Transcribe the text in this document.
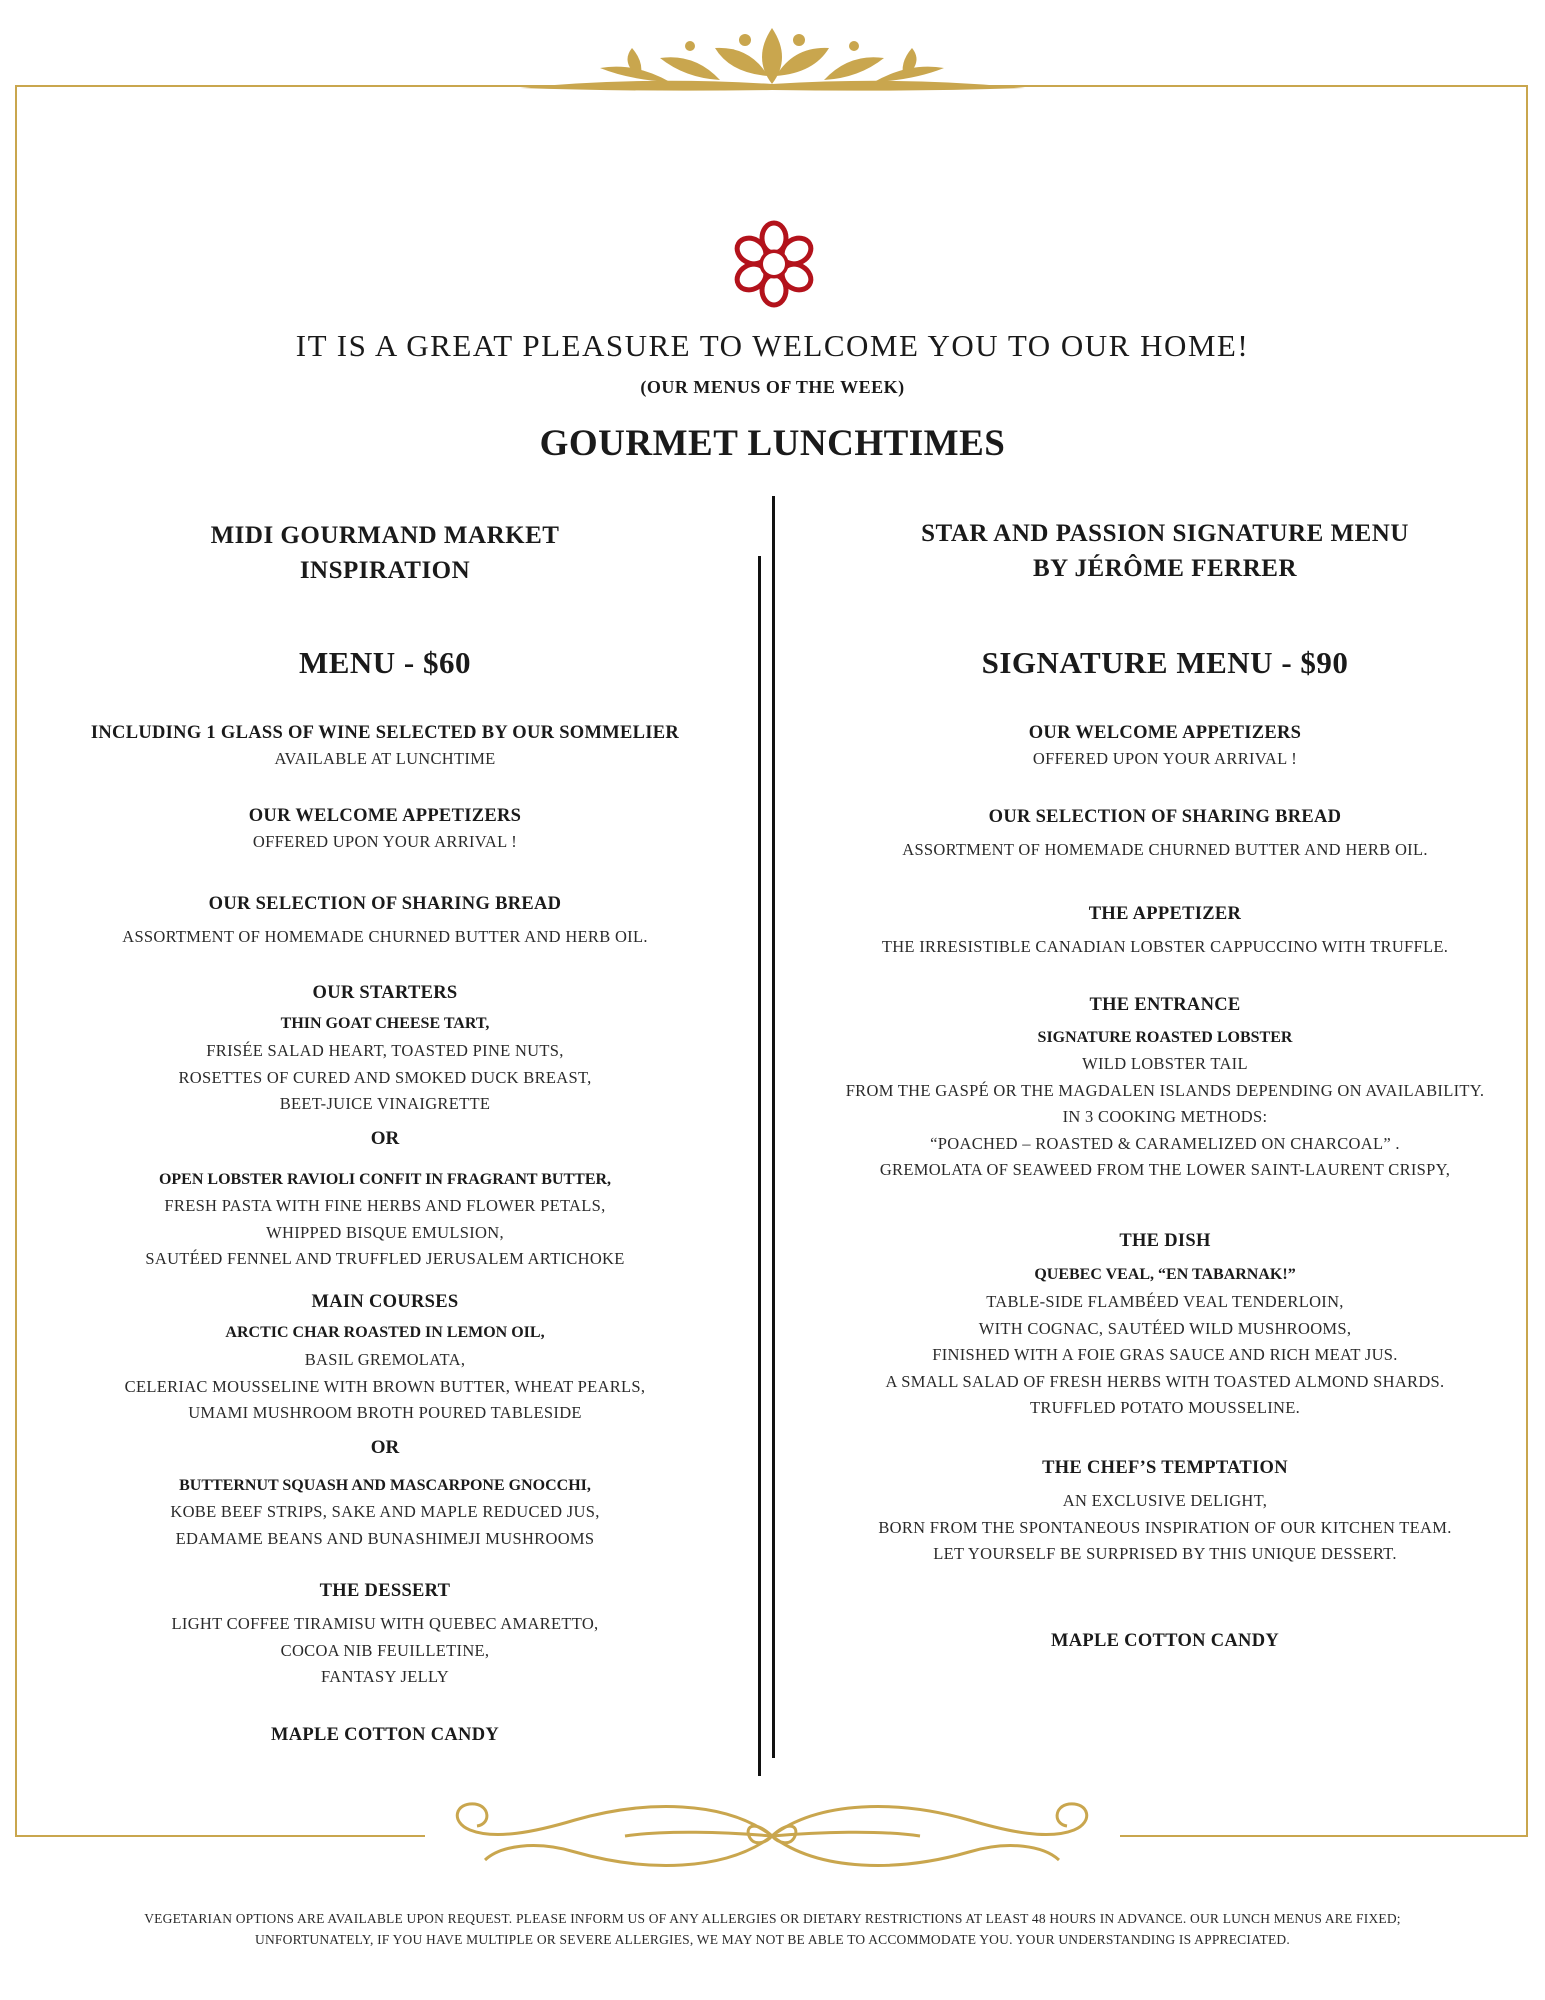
IT IS A GREAT PLEASURE TO WELCOME YOU TO OUR HOME!
(OUR MENUS OF THE WEEK)
GOURMET LUNCHTIMES
MIDI GOURMAND MARKET
INSPIRATION
MENU - $60
INCLUDING 1 GLASS OF WINE SELECTED BY OUR SOMMELIER
AVAILABLE AT LUNCHTIME
OUR WELCOME APPETIZERS
OFFERED UPON YOUR ARRIVAL !
OUR SELECTION OF SHARING BREAD
ASSORTMENT OF HOMEMADE CHURNED BUTTER AND HERB OIL.
OUR STARTERS
THIN GOAT CHEESE TART,
FRISÉE SALAD HEART, TOASTED PINE NUTS,
ROSETTES OF CURED AND SMOKED DUCK BREAST,
BEET-JUICE VINAIGRETTE
OR
OPEN LOBSTER RAVIOLI CONFIT IN FRAGRANT BUTTER,
FRESH PASTA WITH FINE HERBS AND FLOWER PETALS,
WHIPPED BISQUE EMULSION,
SAUTÉED FENNEL AND TRUFFLED JERUSALEM ARTICHOKE
MAIN COURSES
ARCTIC CHAR ROASTED IN LEMON OIL,
BASIL GREMOLATA,
CELERIAC MOUSSELINE WITH BROWN BUTTER, WHEAT PEARLS,
UMAMI MUSHROOM BROTH POURED TABLESIDE
OR
BUTTERNUT SQUASH AND MASCARPONE GNOCCHI,
KOBE BEEF STRIPS, SAKE AND MAPLE REDUCED JUS,
EDAMAME BEANS AND BUNASHIMEJI MUSHROOMS
THE DESSERT
LIGHT COFFEE TIRAMISU WITH QUEBEC AMARETTO,
COCOA NIB FEUILLETINE,
FANTASY JELLY
MAPLE COTTON CANDY
STAR AND PASSION SIGNATURE MENU
BY JÉRÔME FERRER
SIGNATURE MENU - $90
OUR WELCOME APPETIZERS
OFFERED UPON YOUR ARRIVAL !
OUR SELECTION OF SHARING BREAD
ASSORTMENT OF HOMEMADE CHURNED BUTTER AND HERB OIL.
THE APPETIZER
THE IRRESISTIBLE CANADIAN LOBSTER CAPPUCCINO WITH TRUFFLE.
THE ENTRANCE
SIGNATURE ROASTED LOBSTER
WILD LOBSTER TAIL
FROM THE GASPÉ OR THE MAGDALEN ISLANDS DEPENDING ON AVAILABILITY.
IN 3 COOKING METHODS:
“POACHED – ROASTED & CARAMELIZED ON CHARCOAL” .
GREMOLATA OF SEAWEED FROM THE LOWER SAINT-LAURENT CRISPY,
THE DISH
QUEBEC VEAL, “EN TABARNAK!”
TABLE-SIDE FLAMBÉED VEAL TENDERLOIN,
WITH COGNAC, SAUTÉED WILD MUSHROOMS,
FINISHED WITH A FOIE GRAS SAUCE AND RICH MEAT JUS.
A SMALL SALAD OF FRESH HERBS WITH TOASTED ALMOND SHARDS.
TRUFFLED POTATO MOUSSELINE.
THE CHEF’S TEMPTATION
AN EXCLUSIVE DELIGHT,
BORN FROM THE SPONTANEOUS INSPIRATION OF OUR KITCHEN TEAM.
LET YOURSELF BE SURPRISED BY THIS UNIQUE DESSERT.
MAPLE COTTON CANDY
VEGETARIAN OPTIONS ARE AVAILABLE UPON REQUEST. PLEASE INFORM US OF ANY ALLERGIES OR DIETARY RESTRICTIONS AT LEAST 48 HOURS IN ADVANCE. OUR LUNCH MENUS ARE FIXED;
UNFORTUNATELY, IF YOU HAVE MULTIPLE OR SEVERE ALLERGIES, WE MAY NOT BE ABLE TO ACCOMMODATE YOU. YOUR UNDERSTANDING IS APPRECIATED.
